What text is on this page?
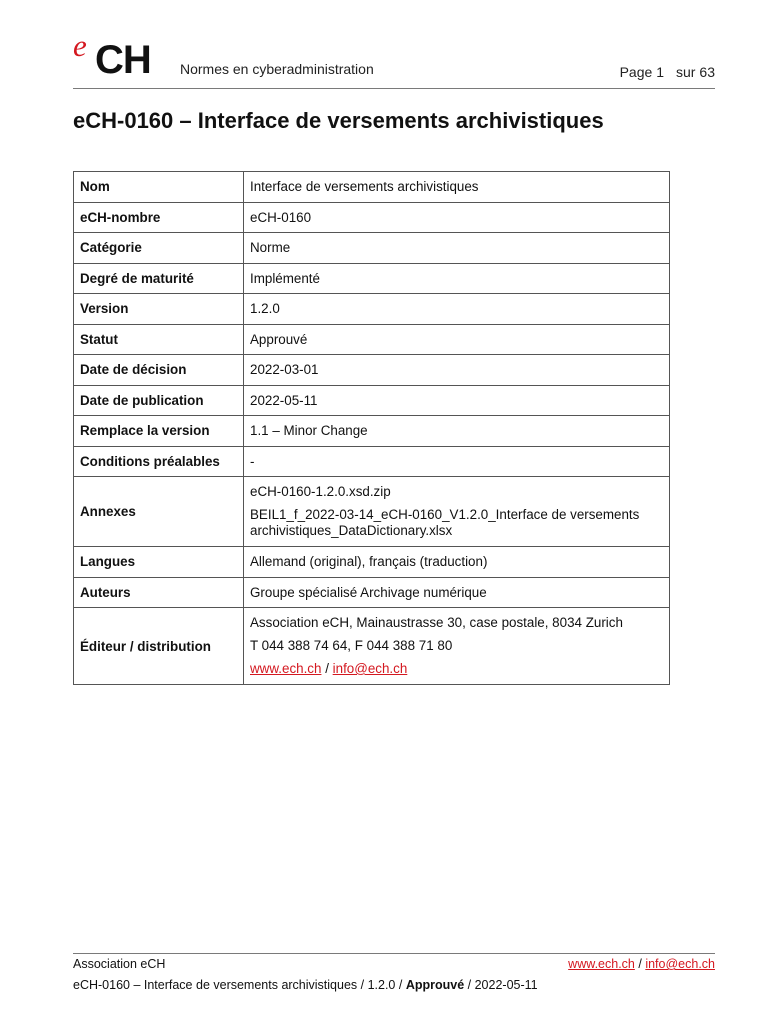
e CH Normes en cyberadministration	Page 1 sur 63
eCH-0160 – Interface de versements archivistiques
Nom	Interface de versements archivistiques
eCH-nombre	eCH-0160
Catégorie	Norme
Degré de maturité	Implémenté
Version	1.2.0
Statut	Approuvé
Date de décision	2022-03-01
Date de publication	2022-05-11
Remplace la version	1.1 – Minor Change
Conditions préalables	-
Annexes	eCH-0160-1.2.0.xsd.zip
BEIL1_f_2022-03-14_eCH-0160_V1.2.0_Interface de versements archivistiques_DataDictionary.xlsx

Langues	Allemand (original), français (traduction)
Auteurs	Groupe spécialisé Archivage numérique
Éditeur / distribution	Association eCH, Mainaustrasse 30, case postale, 8034 Zurich
T 044 388 74 64, F 044 388 71 80
www.ech.ch / info@ech.ch
Association eCH	www.ech.ch / info@ech.ch
eCH-0160 – Interface de versements archivistiques / 1.2.0 / Approuvé / 2022-05-11
